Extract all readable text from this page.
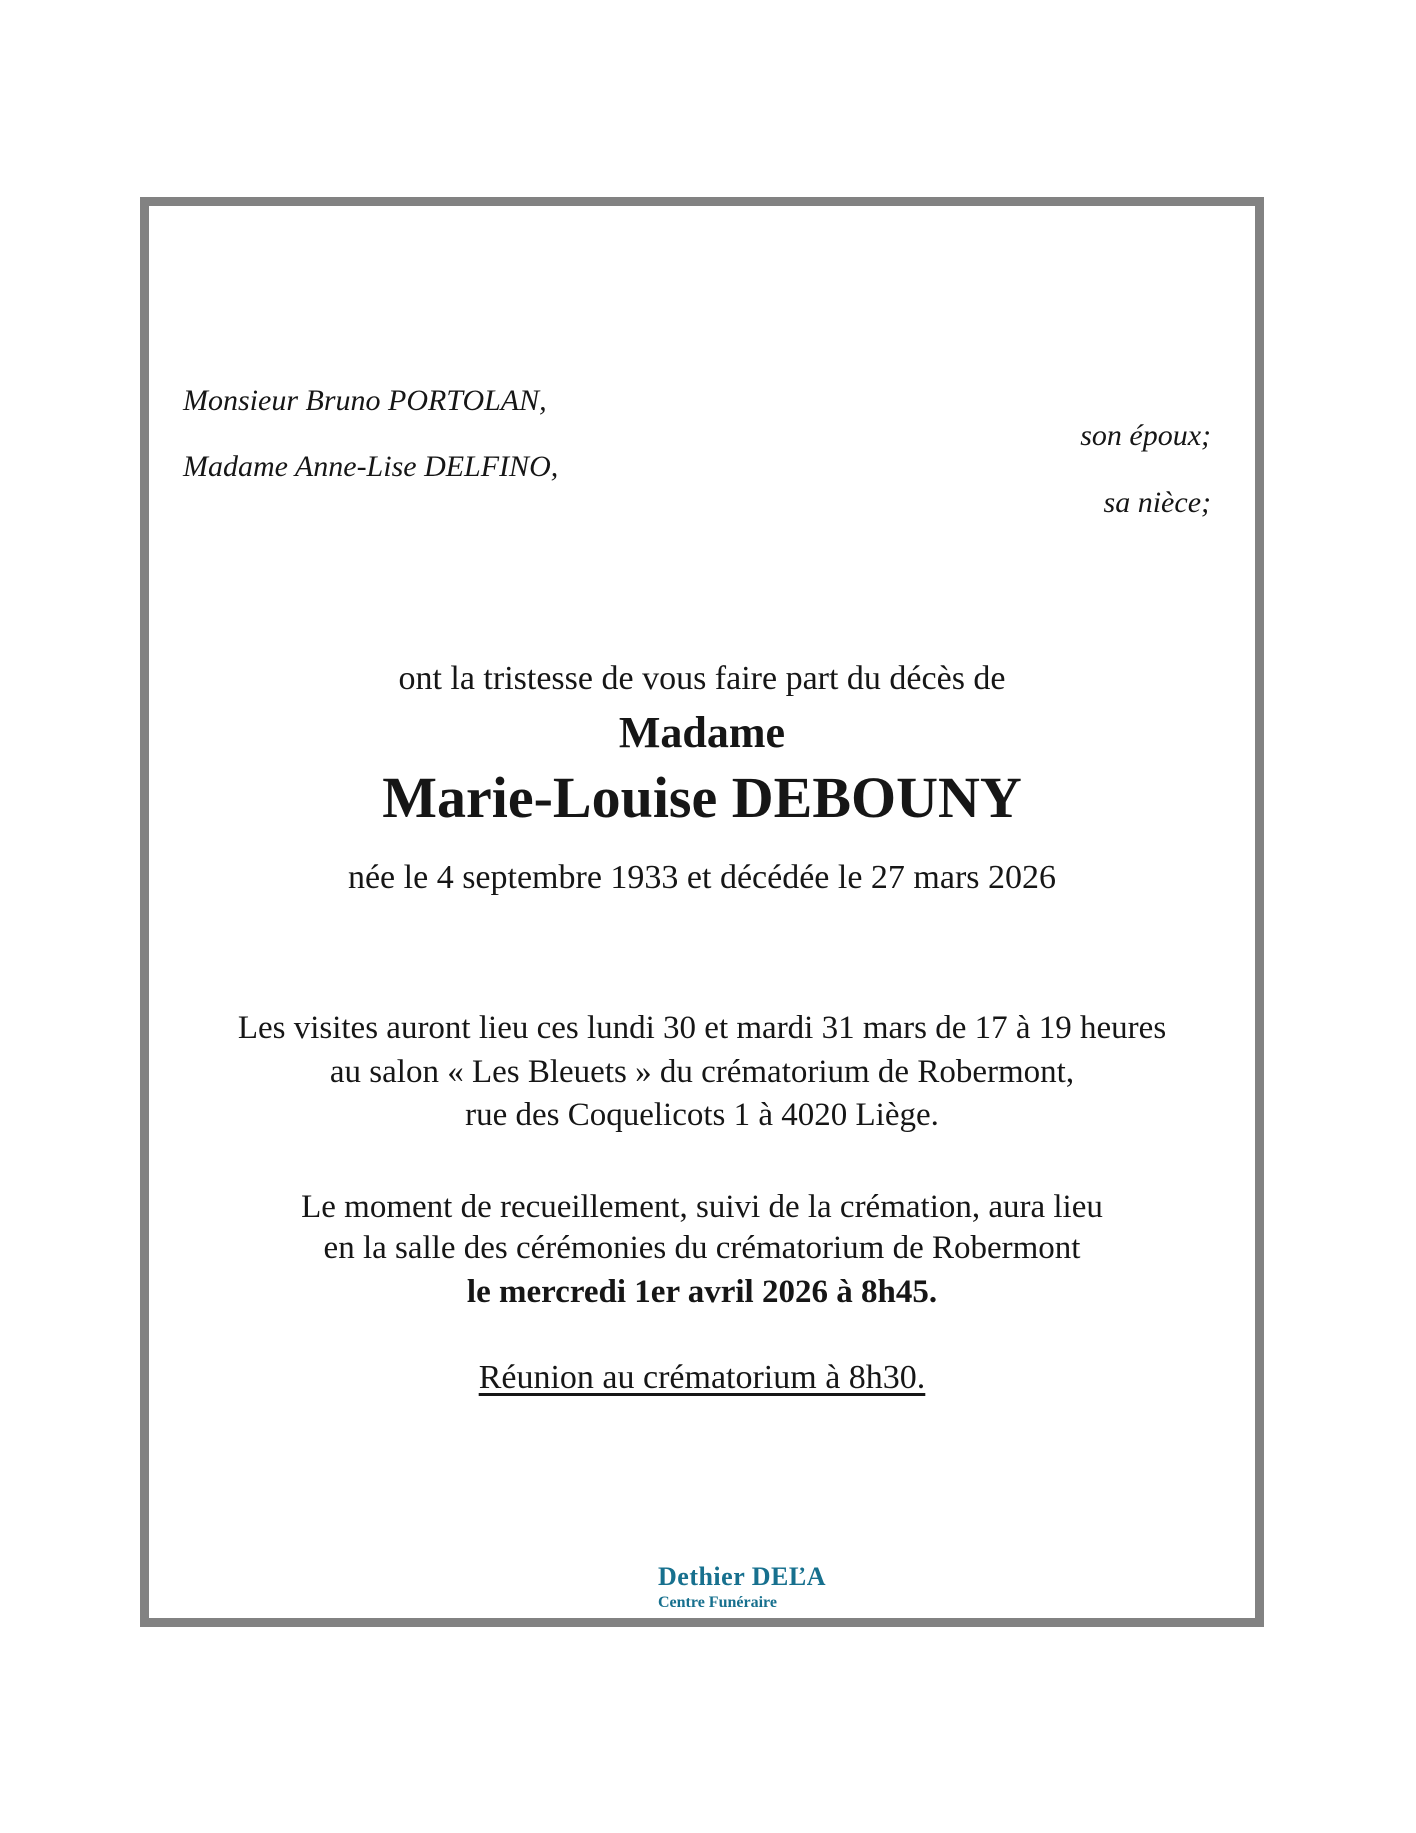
Monsieur Bruno PORTOLAN,
son époux;
Madame Anne-Lise DELFINO,
sa nièce;
ont la tristesse de vous faire part du décès de
Madame
Marie-Louise DEBOUNY
née le 4 septembre 1933 et décédée le 27 mars 2026
Les visites auront lieu ces lundi 30 et mardi 31 mars de 17 à 19 heures
au salon « Les Bleuets » du crématorium de Robermont,
rue des Coquelicots 1 à 4020 Liège.
Le moment de recueillement, suivi de la crémation, aura lieu
en la salle des cérémonies du crématorium de Robermont
le mercredi 1er avril 2026 à 8h45.
Réunion au crématorium à 8h30.
Dethier DEĽA
Centre Funéraire
